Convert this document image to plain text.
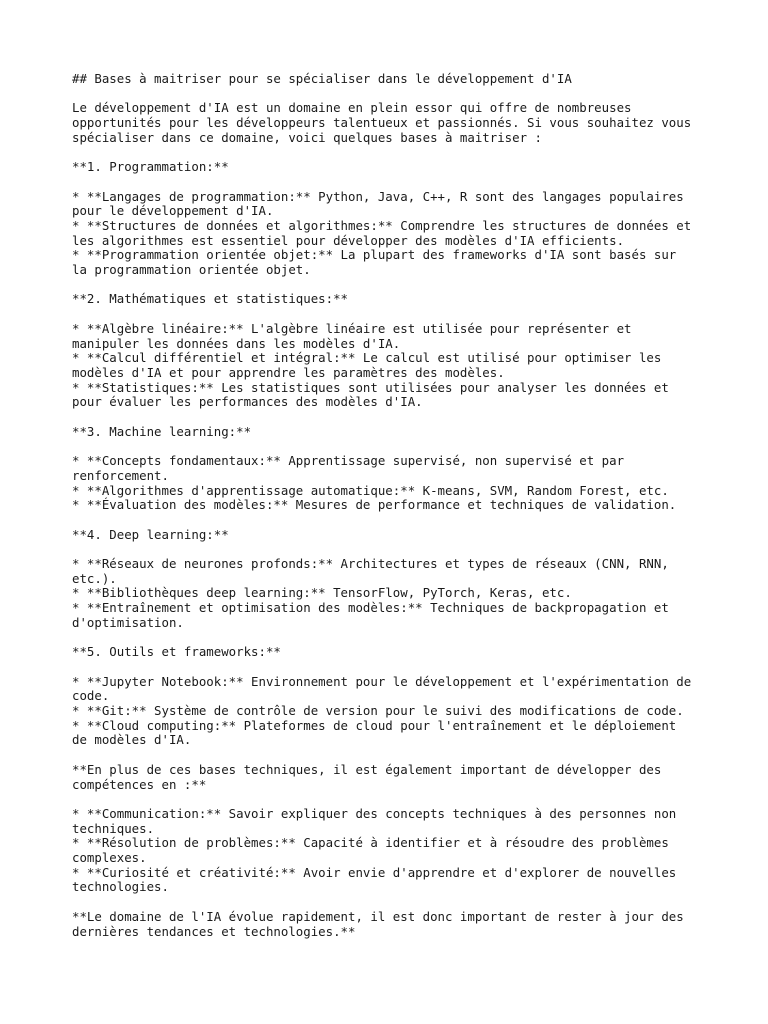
## Bases à maitriser pour se spécialiser dans le développement d'IA
Le développement d'IA est un domaine en plein essor qui offre de nombreuses
opportunités pour les développeurs talentueux et passionnés. Si vous souhaitez vous
spécialiser dans ce domaine, voici quelques bases à maitriser :
**1. Programmation:**
* **Langages de programmation:** Python, Java, C++, R sont des langages populaires
pour le développement d'IA.
* **Structures de données et algorithmes:** Comprendre les structures de données et
les algorithmes est essentiel pour développer des modèles d'IA efficients.
* **Programmation orientée objet:** La plupart des frameworks d'IA sont basés sur
la programmation orientée objet.
**2. Mathématiques et statistiques:**
* **Algèbre linéaire:** L'algèbre linéaire est utilisée pour représenter et
manipuler les données dans les modèles d'IA.
* **Calcul différentiel et intégral:** Le calcul est utilisé pour optimiser les
modèles d'IA et pour apprendre les paramètres des modèles.
* **Statistiques:** Les statistiques sont utilisées pour analyser les données et
pour évaluer les performances des modèles d'IA.
**3. Machine learning:**
* **Concepts fondamentaux:** Apprentissage supervisé, non supervisé et par
renforcement.
* **Algorithmes d'apprentissage automatique:** K-means, SVM, Random Forest, etc.
* **Évaluation des modèles:** Mesures de performance et techniques de validation.
**4. Deep learning:**
* **Réseaux de neurones profonds:** Architectures et types de réseaux (CNN, RNN,
etc.).
* **Bibliothèques deep learning:** TensorFlow, PyTorch, Keras, etc.
* **Entraînement et optimisation des modèles:** Techniques de backpropagation et
d'optimisation.
**5. Outils et frameworks:**
* **Jupyter Notebook:** Environnement pour le développement et l'expérimentation de
code.
* **Git:** Système de contrôle de version pour le suivi des modifications de code.
* **Cloud computing:** Plateformes de cloud pour l'entraînement et le déploiement
de modèles d'IA.
**En plus de ces bases techniques, il est également important de développer des
compétences en :**
* **Communication:** Savoir expliquer des concepts techniques à des personnes non
techniques.
* **Résolution de problèmes:** Capacité à identifier et à résoudre des problèmes
complexes.
* **Curiosité et créativité:** Avoir envie d'apprendre et d'explorer de nouvelles
technologies.
**Le domaine de l'IA évolue rapidement, il est donc important de rester à jour des
dernières tendances et technologies.**
